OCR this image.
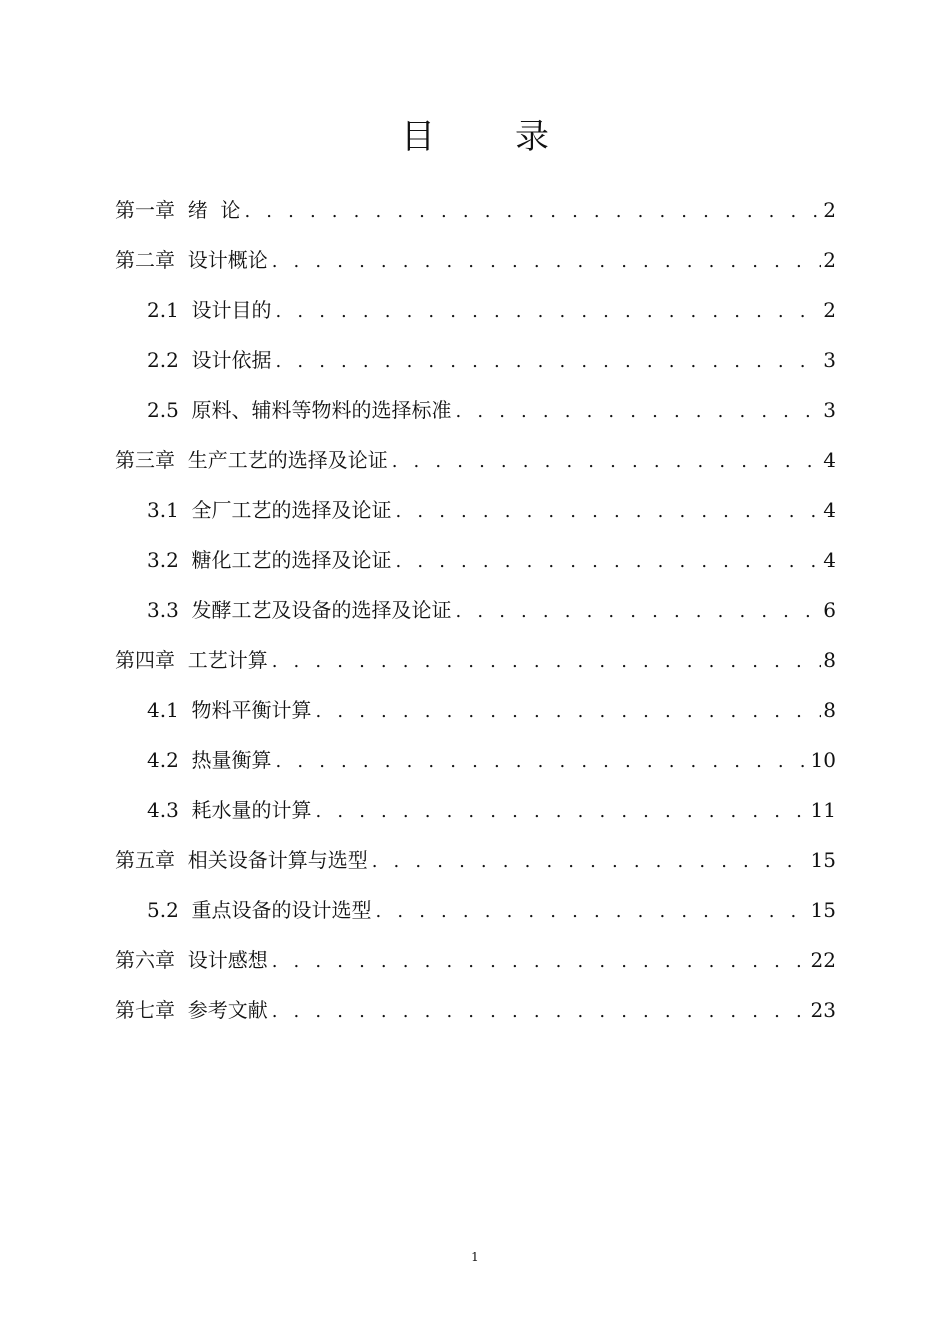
目录
第一章  绪  论 . . .	2
第二章  设计概论 . . .	2
2.1  设计目的 . . .	2
2.2  设计依据 . . .	3
2.5  原料、辅料等物料的选择标准 . . .	3
第三章  生产工艺的选择及论证 . . .	4
3.1  全厂工艺的选择及论证 . . .	4
3.2  糖化工艺的选择及论证 . . .	4
3.3  发酵工艺及设备的选择及论证 . . .	6
第四章  工艺计算 . . .	8
4.1  物料平衡计算 . . .	8
4.2  热量衡算 . . .	10
4.3  耗水量的计算 . . .	11
第五章  相关设备计算与选型 . . .	15
5.2  重点设备的设计选型 . . .	15
第六章  设计感想 . . .	22
第七章  参考文献 . . .	23
1
